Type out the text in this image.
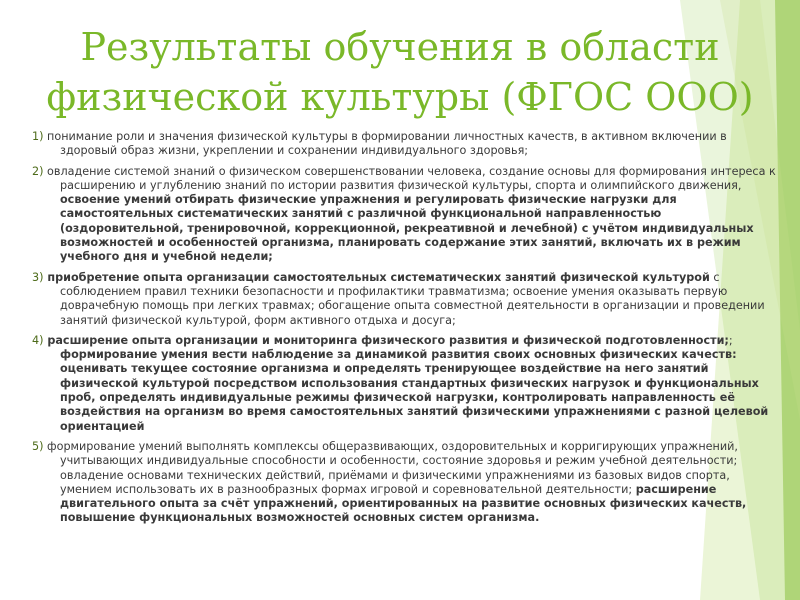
Результаты обучения в области
физической культуры (ФГОС ООО)

1) понимание роли и значения физической культуры в формировании личностных качеств, в активном включении в здоровый образ жизни, укреплении и сохранении индивидуального здоровья;

2) овладение системой знаний о физическом совершенствовании человека, создание основы для формирования интереса к расширению и углублению знаний по истории развития физической культуры, спорта и олимпийского движения, освоение умений отбирать физические упражнения и регулировать физические нагрузки для самостоятельных систематических занятий с различной функциональной направленностью (оздоровительной, тренировочной, коррекционной, рекреативной и лечебной) с учётом индивидуальных возможностей и особенностей организма, планировать содержание этих занятий, включать их в режим учебного дня и учебной недели;

3) приобретение опыта организации самостоятельных систематических занятий физической культурой с соблюдением правил техники безопасности и профилактики травматизма; освоение умения оказывать первую доврачебную помощь при легких травмах; обогащение опыта совместной деятельности в организации и проведении занятий физической культурой, форм активного отдыха и досуга;

4) расширение опыта организации и мониторинга физического развития и физической подготовленности;; формирование умения вести наблюдение за динамикой развития своих основных физических качеств: оценивать текущее состояние организма и определять тренирующее воздействие на него занятий физической культурой посредством использования стандартных физических нагрузок и функциональных проб, определять индивидуальные режимы физической нагрузки, контролировать направленность её воздействия на организм во время самостоятельных занятий физическими упражнениями с разной целевой ориентацией

5) формирование умений выполнять комплексы общеразвивающих, оздоровительных и корригирующих упражнений, учитывающих индивидуальные способности и особенности, состояние здоровья и режим учебной деятельности; овладение основами технических действий, приёмами и физическими упражнениями из базовых видов спорта, умением использовать их в разнообразных формах игровой и соревновательной деятельности; расширение двигательного опыта за счёт упражнений, ориентированных на развитие основных физических качеств, повышение функциональных возможностей основных систем организма.
